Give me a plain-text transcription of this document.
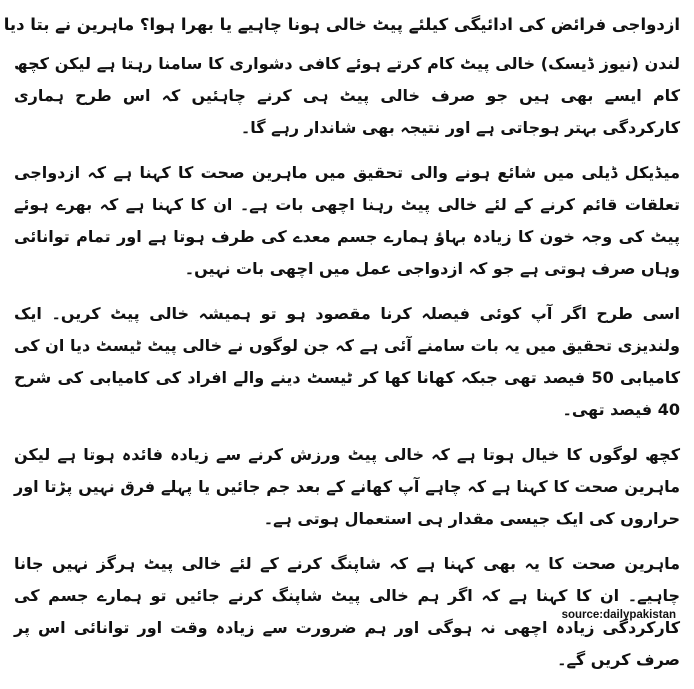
ازدواجی فرائض کی ادائیگی کیلئے پیٹ خالی ہونا چاہیے یا بھرا ہوا؟ ماہرین نے بتا دیا

لندن (نیوز ڈیسک) خالی پیٹ کام کرتے ہوئے کافی دشواری کا سامنا رہتا ہے لیکن کچھ کام ایسے بھی ہیں جو صرف خالی پیٹ ہی کرنے چاہئیں کہ اس طرح ہماری کارکردگی بہتر ہوجاتی ہے اور نتیجہ بھی شاندار رہے گا۔

میڈیکل ڈیلی میں شائع ہونے والی تحقیق میں ماہرین صحت کا کہنا ہے کہ ازدواجی تعلقات قائم کرنے کے لئے خالی پیٹ رہنا اچھی بات ہے۔ ان کا کہنا ہے کہ بھرے ہوئے پیٹ کی وجہ خون کا زیادہ بہاﺅ ہمارے جسم معدے کی طرف ہوتا ہے اور تمام توانائی وہاں صرف ہوتی ہے جو کہ ازدواجی عمل میں اچھی بات نہیں۔

اسی طرح اگر آپ کوئی فیصلہ کرنا مقصود ہو تو ہمیشہ خالی پیٹ کریں۔ ایک ولندیزی تحقیق میں یہ بات سامنے آئی ہے کہ جن لوگوں نے خالی پیٹ ٹیسٹ دیا ان کی کامیابی 50 فیصد تھی جبکہ کھانا کھا کر ٹیسٹ دینے والے افراد کی کامیابی کی شرح 40 فیصد تھی۔

کچھ لوگوں کا خیال ہوتا ہے کہ خالی پیٹ ورزش کرنے سے زیادہ فائدہ ہوتا ہے لیکن ماہرین صحت کا کہنا ہے کہ چاہے آپ کھانے کے بعد جم جائیں یا پہلے فرق نہیں پڑتا اور حراروں کی ایک جیسی مقدار ہی استعمال ہوتی ہے۔

ماہرین صحت کا یہ بھی کہنا ہے کہ شاپنگ کرنے کے لئے خالی پیٹ ہرگز نہیں جانا چاہیے۔ ان کا کہنا ہے کہ اگر ہم خالی پیٹ شاپنگ کرنے جائیں تو ہمارے جسم کی کارکردگی زیادہ اچھی نہ ہوگی اور ہم ضرورت سے زیادہ وقت اور توانائی اس پر صرف کریں گے۔

source:dailypakistan
